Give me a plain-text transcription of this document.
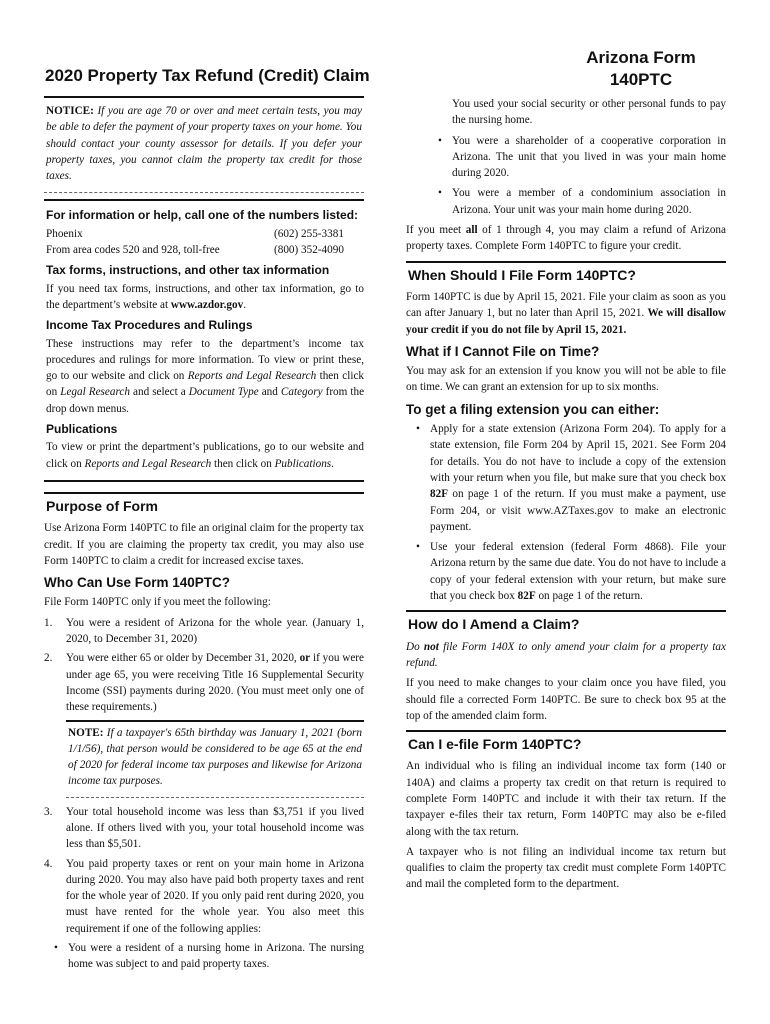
2020 Property Tax Refund (Credit) Claim
Arizona Form
140PTC

NOTICE: If you are age 70 or over and meet certain tests, you may be able to defer the payment of your property taxes on your home. You should contact your county assessor for details. If you defer your property taxes, you cannot claim the property tax credit for those taxes.

For information or help, call one of the numbers listed:
Phoenix	(602) 255-3381
From area codes 520 and 928, toll-free	(800) 352-4090
Tax forms, instructions, and other tax information

If you need tax forms, instructions, and other tax information, go to the department’s website at www.azdor.gov.

Income Tax Procedures and Rulings

These instructions may refer to the department’s income tax procedures and rulings for more information. To view or print these, go to our website and click on Reports and Legal Research then click on Legal Research and select a Document Type and Category from the drop down menus.

Publications

To view or print the department’s publications, go to our website and click on Reports and Legal Research then click on Publications.

Purpose of Form

Use Arizona Form 140PTC to file an original claim for the property tax credit. If you are claiming the property tax credit, you may also use Form 140PTC to claim a credit for increased excise taxes.

Who Can Use Form 140PTC?

File Form 140PTC only if you meet the following:

1.	You were a resident of Arizona for the whole year. (January 1, 2020, to December 31, 2020)
2.	You were either 65 or older by December 31, 2020, or if you were under age 65, you were receiving Title 16 Supplemental Security Income (SSI) payments during 2020. (You must meet only one of these requirements.)

NOTE: If a taxpayer's 65th birthday was January 1, 2021 (born 1/1/56), that person would be considered to be age 65 at the end of 2020 for federal income tax purposes and likewise for Arizona income tax purposes.

3.	Your total household income was less than $3,751 if you lived alone. If others lived with you, your total household income was less than $5,501.
4.	You paid property taxes or rent on your main home in Arizona during 2020. You may also have paid both property taxes and rent for the whole year of 2020. If you only paid rent during 2020, you must have rented for the whole year. You also meet this requirement if one of the following applies:
• You were a resident of a nursing home in Arizona. The nursing home was subject to and paid property taxes.

You used your social security or other personal funds to pay the nursing home.

• You were a shareholder of a cooperative corporation in Arizona. The unit that you lived in was your main home during 2020.
• You were a member of a condominium association in Arizona. Your unit was your main home during 2020.

If you meet all of 1 through 4, you may claim a refund of Arizona property taxes. Complete Form 140PTC to figure your credit.

When Should I File Form 140PTC?

Form 140PTC is due by April 15, 2021. File your claim as soon as you can after January 1, but no later than April 15, 2021. We will disallow your credit if you do not file by April 15, 2021.

What if I Cannot File on Time?

You may ask for an extension if you know you will not be able to file on time. We can grant an extension for up to six months.

To get a filing extension you can either:
• Apply for a state extension (Arizona Form 204). To apply for a state extension, file Form 204 by April 15, 2021. See Form 204 for details. You do not have to include a copy of the extension with your return when you file, but make sure that you check box 82F on page 1 of the return. If you must make a payment, use Form 204, or visit www.AZTaxes.gov to make an electronic payment.
• Use your federal extension (federal Form 4868). File your Arizona return by the same due date. You do not have to include a copy of your federal extension with your return, but make sure that you check box 82F on page 1 of the return.
How do I Amend a Claim?

Do not file Form 140X to only amend your claim for a property tax refund.

If you need to make changes to your claim once you have filed, you should file a corrected Form 140PTC. Be sure to check box 95 at the top of the amended claim form.

Can I e-file Form 140PTC?

An individual who is filing an individual income tax form (140 or 140A) and claims a property tax credit on that return is required to complete Form 140PTC and include it with their tax return. If the taxpayer e-files their tax return, Form 140PTC may also be e-filed along with the tax return.

A taxpayer who is not filing an individual income tax return but qualifies to claim the property tax credit must complete Form 140PTC and mail the completed form to the department.
